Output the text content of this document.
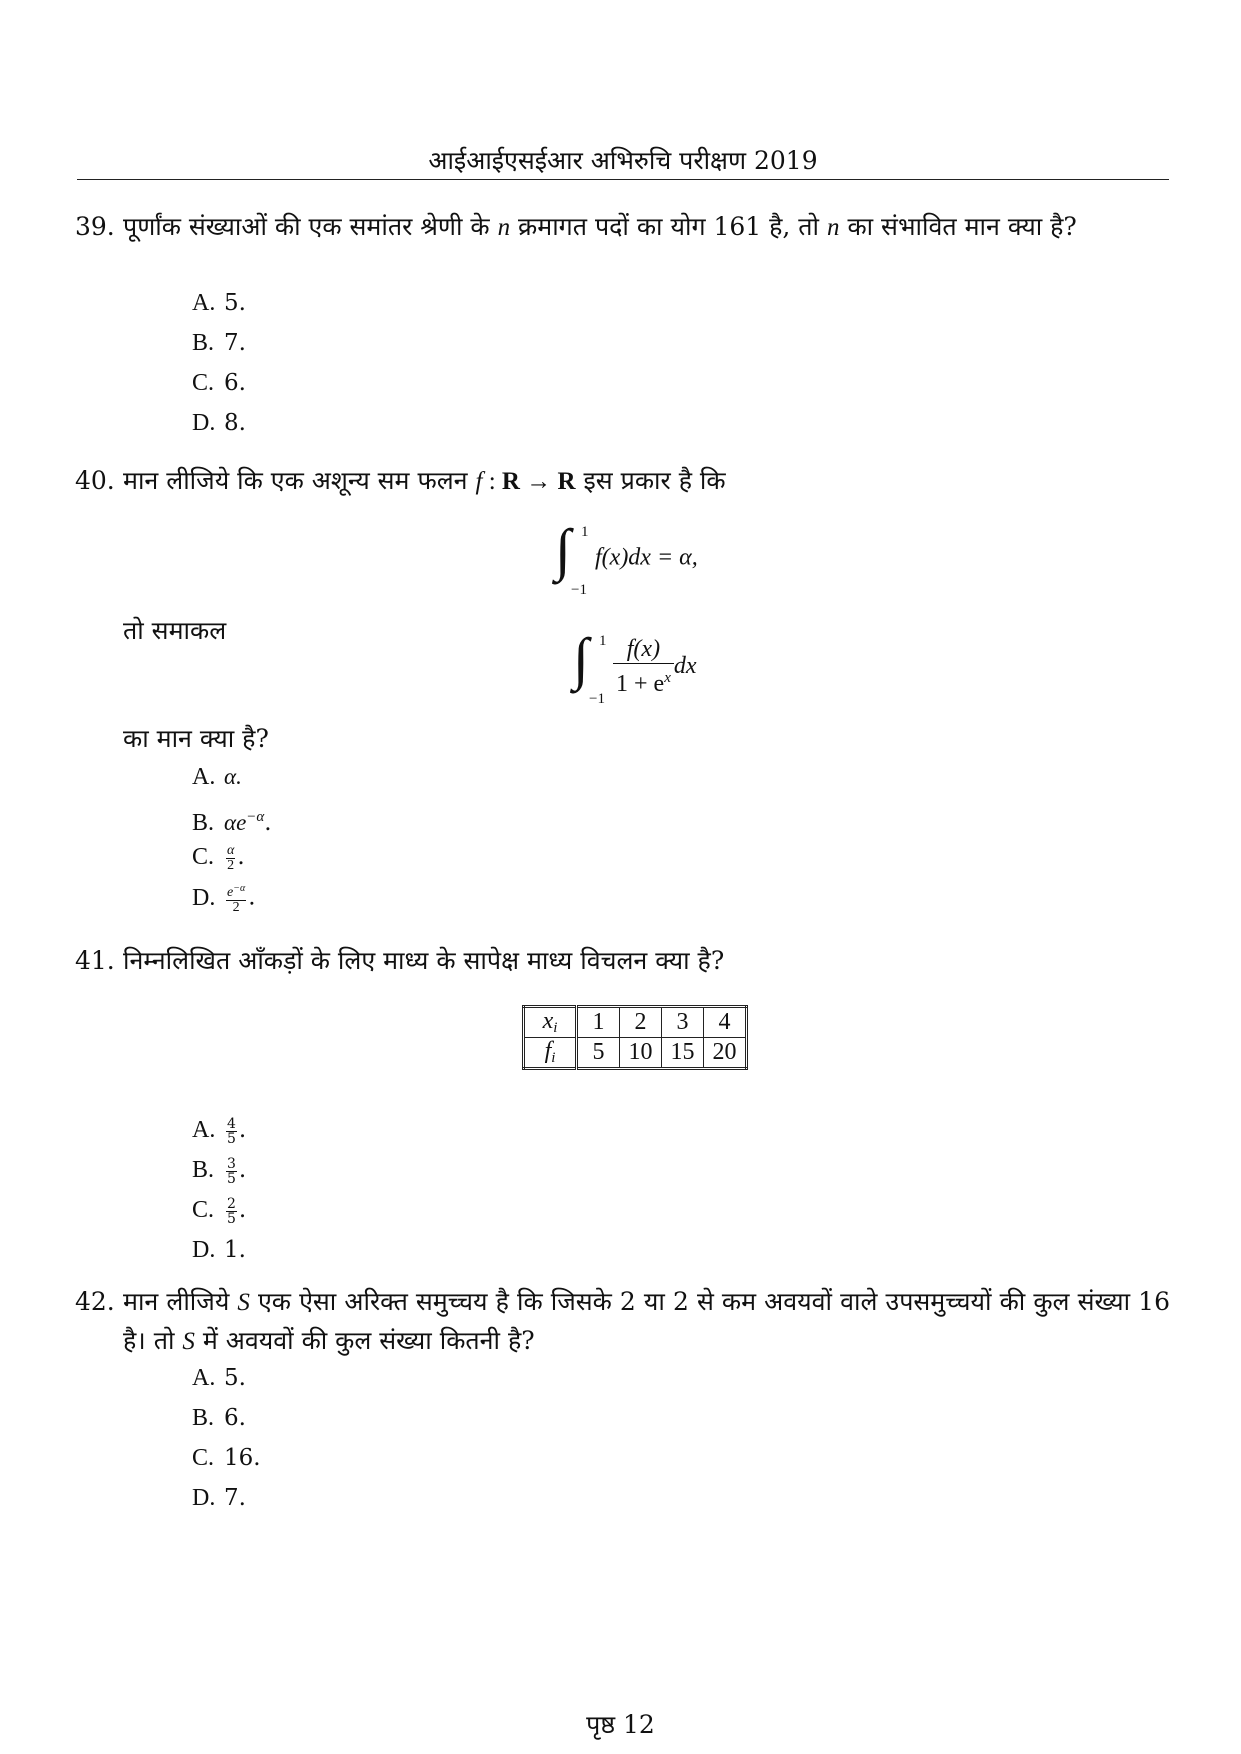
आईआईएसईआर अभिरुचि परीक्षण 2019
39. पूर्णांक संख्याओं की एक समांतर श्रेणी के n क्रमागत पदों का योग 161 है, तो n का संभावित मान क्या है?
A. 5.
B. 7.
C. 6.
D. 8.
40. मान लीजिये कि एक अशून्य सम फलन f : R → R इस प्रकार है कि
∫ 1
−1
f(x)dx = α,
तो समाकल	∫ 1
−1

$\frac{f(x)}{1 + e^x}$ dx
का मान क्या है?
A. α.
B. $\alpha e^{-\alpha}$.
C. $\frac{\alpha}{2}$ .
D. $\frac{e^{-\alpha}}{2}$ .
41. निम्नलिखित आँकड़ों के लिए माध्य के सापेक्ष माध्य विचलन क्या है?
$x_i$	1	2	3	4
$f_i$	5	10	15	20
A. $\frac{4}{5}$ .
B. $\frac{3}{5}$ .
C. $\frac{2}{5}$ .
D. 1.
42. मान लीजिये S एक ऐसा अरिक्त समुच्चय है कि जिसके 2 या 2 से कम अवयवों वाले उपसमुच्चयों की कुल संख्या 16 है। तो S में अवयवों की कुल संख्या कितनी है?
A. 5.
B. 6.
C. 16.
D. 7.
पृष्ठ 12
